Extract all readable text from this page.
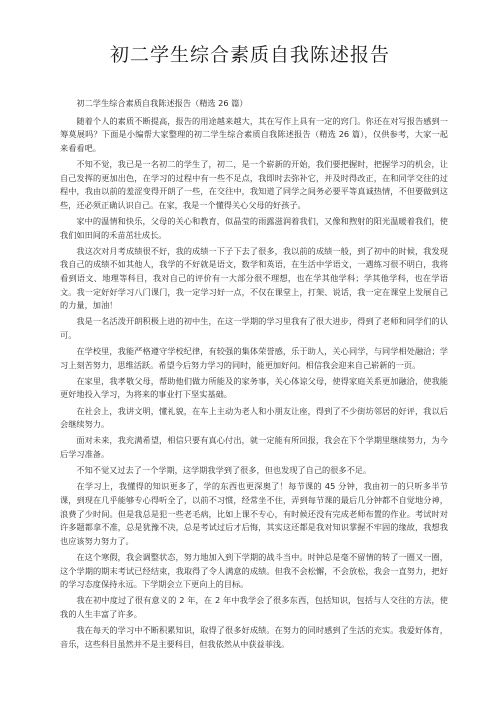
初二学生综合素质自我陈述报告

初二学生综合素质自我陈述报告（精选 26 篇）

随着个人的素质不断提高，报告的用途越来越大，其在写作上具有一定的窍门。你还在对写报告感到一筹莫展吗？下面是小编帮大家整理的初二学生综合素质自我陈述报告（精选 26 篇），仅供参考，大家一起来看看吧。

不知不觉，我已是一名初二的学生了，初二，是一个崭新的开始，我们要把握时，把握学习的机会，让自己发挥的更加出色，在学习的过程中有一些不足点，我即时去弥补它，并及时得改正，在和同学交往的过程中，我由以前的羞涩变得开朗了一些，在交往中，我知道了同学之间务必要平等真诚热情，不但要做到这些，还必须正确认识自己。在家，我是一个懂得关心父母的好孩子。

家中的温情和快乐，父母的关心和教育，似晶莹的雨露滋润着我们，又像和煦射的阳光温暖着我们，使我们如田间的禾苗茁壮成长。

我这次对月考成绩很不好，我的成绩一下子下去了很多，我以前的成绩一般，到了初中的时候，我发现我自己的成绩不如其他人，我学的不好就是语文，数学和英语，在生活中学语文，一遇练习很不明白，我将看到语文、地理等科目，我对自己的评价有一大部分很不理想，也在学其他学科；学其他学科，也在学语文。我一定好好学习八门课门，我一定学习好一点，不仅在课堂上，打架、说话，我一定在课堂上发展自己的力量，加油！

我是一名活泼开朗积极上进的初中生，在这一学期的学习里我有了很大进步，得到了老师和同学们的认可。

在学校里，我能严格遵守学校纪律，有较强的集体荣誉感，乐于助人，关心同学，与同学相处融洽；学习上刻苦努力，思维活跃。希望今后努力学习的同时，能更加好问。相信我会迎来自己崭新的一页。

在家里，我孝敬父母，帮助他们做力所能及的家务事，关心体谅父母，使得家庭关系更加融洽，使我能更好地投入学习，为将来的事业打下坚实基础。

在社会上，我讲文明，懂礼貌，在车上主动为老人和小朋友让座，得到了不少街坊邻居的好评，我以后会继续努力。

面对未来，我充满希望，相信只要有真心付出，就一定能有所回报，我会在下个学期里继续努力，为今后学习准备。

不知不觉又过去了一个学期，这学期我学到了很多，但也发现了自己的很多不足。

在学习上，我懂得的知识更多了，学的东西也更深奥了！每节课的 45 分钟，我由初一的只听多半节课，到现在几乎能够专心得听全了，以前不习惯，经常坐不住，弄到每节课的最后几分钟都不自觉地分神，浪费了少时间。但是我总是犯一些老毛病，比如上课不专心，有时候还没有完成老师布置的作业。考试时对许多题都拿不准，总是犹豫不决，总是考试过后才后悔，其实这还都是我对知识掌握不牢固的缘故，我想我也应该努力努力了。

在这个寒假，我会调整状态，努力地加入到下学期的战斗当中。时钟总是毫不留情的转了一圈又一圈，这个学期的期末考试已经结束，我取得了令人满意的成绩。但我不会松懈，不会放松，我会一直努力，把好的学习态度保持永远。下学期会立下更向上的目标。

我在初中度过了很有意义的 2 年，在 2 年中我学会了很多东西，包括知识，包括与人交往的方法，使我的人生丰富了许多。

我在每天的学习中不断积累知识，取得了很多好成绩。在努力的同时感到了生活的充实。我爱好体育，音乐，这些科目虽然并不是主要科目，但我依然从中获益菲浅。
